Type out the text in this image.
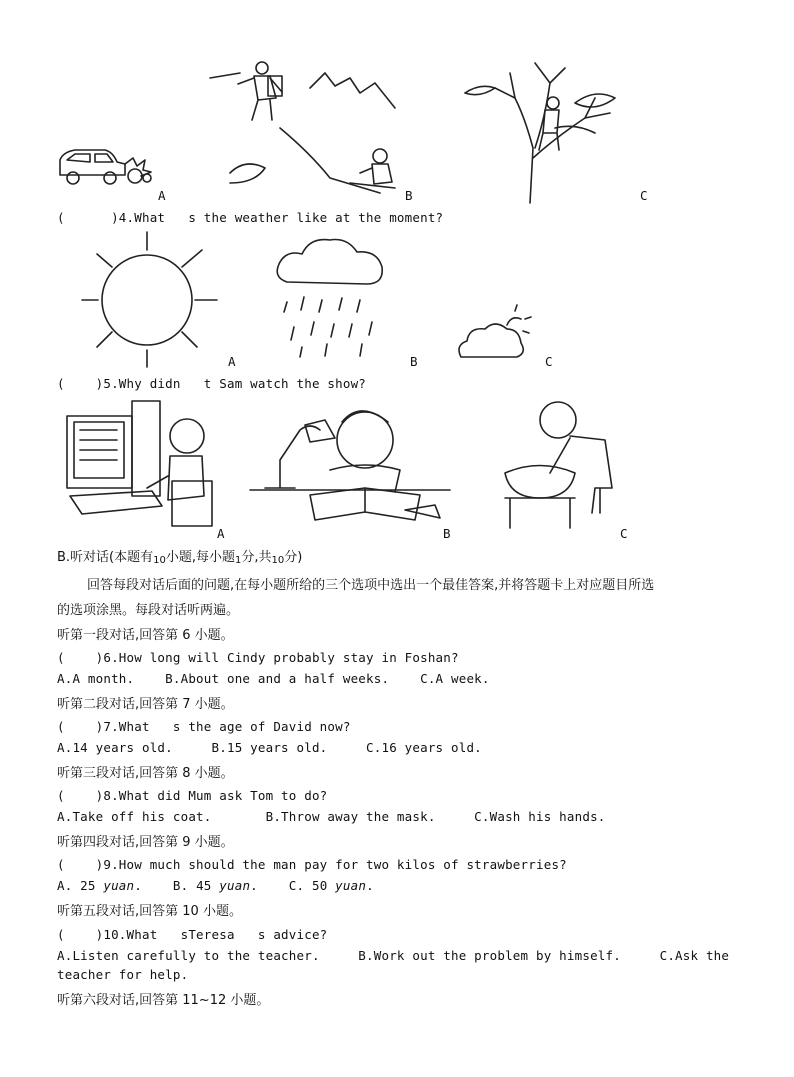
A	B	C
(      )4.What   s the weather like at the moment?
A	B	C
(    )5.Why didn   t Sam watch the show?
A	B	C
B.听对话(本题有10小题,每小题1分,共10分)
回答每段对话后面的问题,在每小题所给的三个选项中选出一个最佳答案,并将答题卡上对应题目所选
的选项涂黑。每段对话听两遍。
听第一段对话,回答第 6 小题。
(    )6.How long will Cindy probably stay in Foshan?
A.A month.    B.About one and a half weeks.    C.A week.
听第二段对话,回答第 7 小题。
(    )7.What   s the age of David now?
A.14 years old.     B.15 years old.     C.16 years old.
听第三段对话,回答第 8 小题。
(    )8.What did Mum ask Tom to do?
A.Take off his coat.       B.Throw away the mask.     C.Wash his hands.
听第四段对话,回答第 9 小题。
(    )9.How much should the man pay for two kilos of strawberries?
A. 25 yuan.    B. 45 yuan.    C. 50 yuan.
听第五段对话,回答第 10 小题。
(    )10.What   sTeresa   s advice?
A.Listen carefully to the teacher.     B.Work out the problem by himself.     C.Ask the
teacher for help.
听第六段对话,回答第 11~12 小题。
